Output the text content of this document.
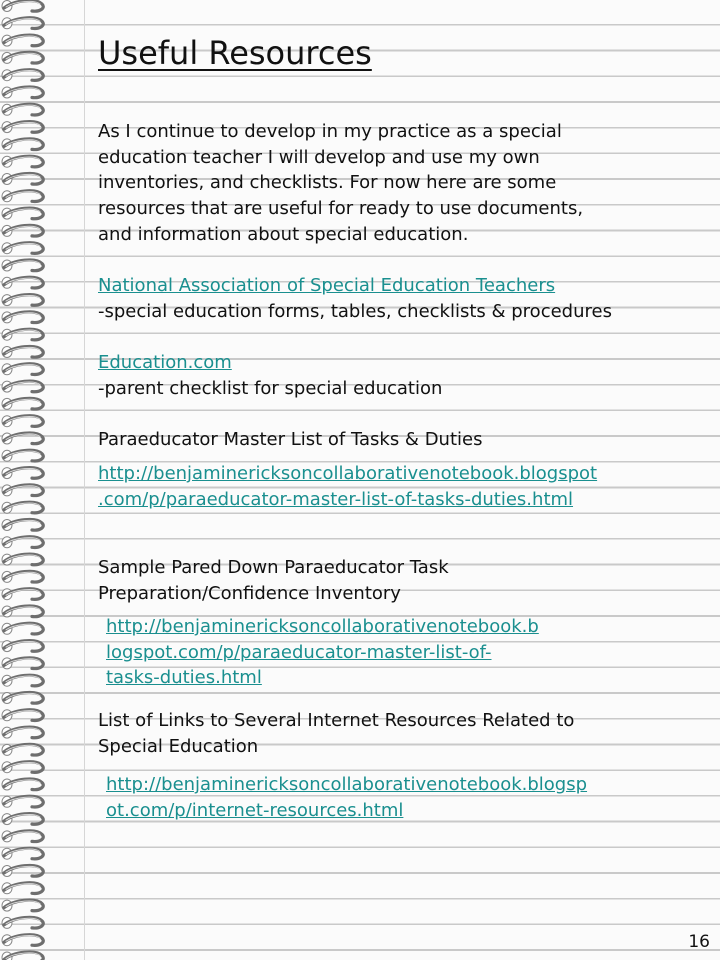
Useful Resources

As I continue to develop in my practice as a special
education teacher I will develop and use my own
inventories, and checklists. For now here are some
resources that are useful for ready to use documents,
and information about special education.

National Association of Special Education Teachers
-special education forms, tables, checklists & procedures
Education.com
-parent checklist for special education
Paraeducator Master List of Tasks & Duties
http://benjaminericksoncollaborativenotebook.blogspot
.com/p/paraeducator-master-list-of-tasks-duties.html
Sample Pared Down Paraeducator Task
Preparation/Confidence Inventory
http://benjaminericksoncollaborativenotebook.b
logspot.com/p/paraeducator-master-list-of-
tasks-duties.html
List of Links to Several Internet Resources Related to
Special Education
http://benjaminericksoncollaborativenotebook.blogsp
ot.com/p/internet-resources.html
16
